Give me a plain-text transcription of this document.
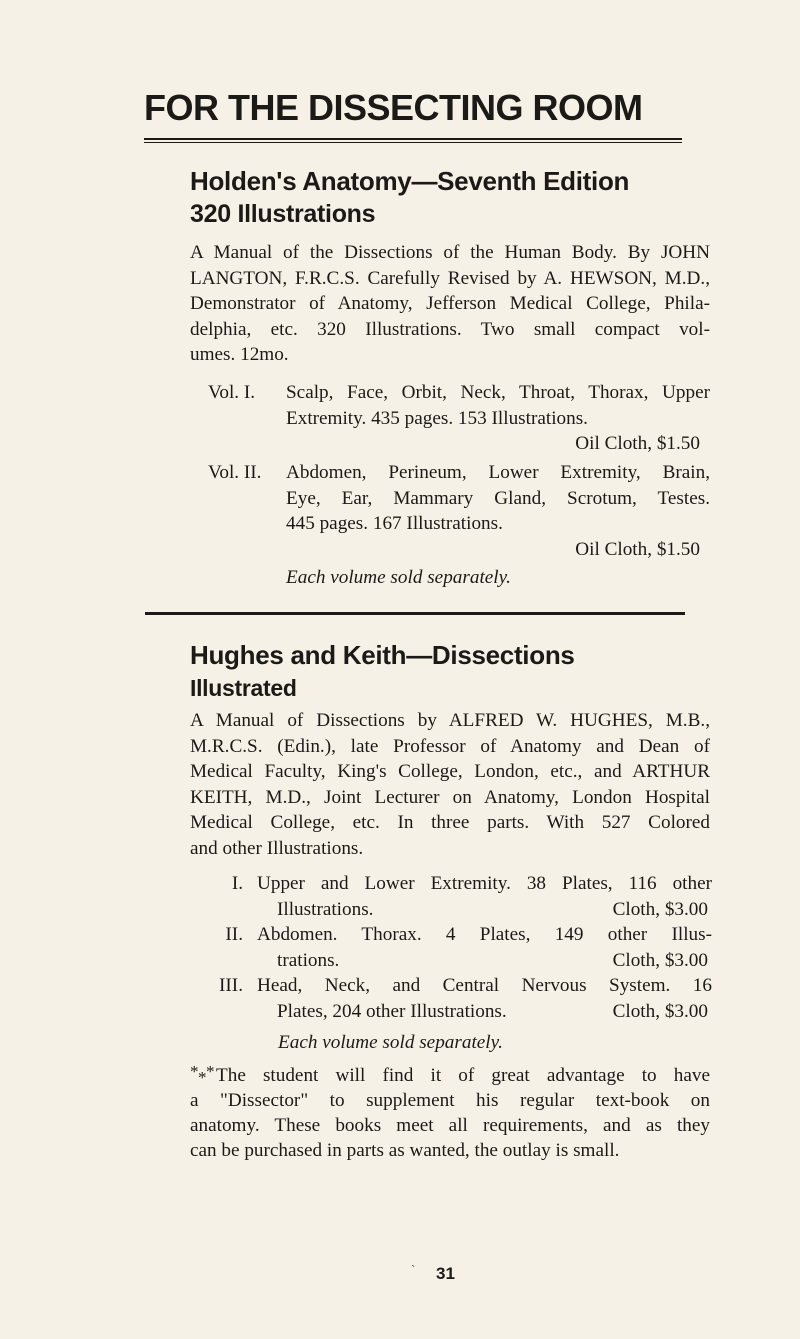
FOR THE DISSECTING ROOM
Holden's Anatomy—Seventh Edition
320 Illustrations
A Manual of the Dissections of the Human Body. By JOHN
LANGTON, F.R.C.S. Carefully Revised by A. HEWSON, M.D.,
Demonstrator of Anatomy, Jefferson Medical College, Phila-
delphia, etc. 320 Illustrations. Two small compact vol-
umes. 12mo.
Vol. I. Scalp, Face, Orbit, Neck, Throat, Thorax, Upper
Extremity. 435 pages. 153 Illustrations.
Oil Cloth, $1.50
Vol. II. Abdomen, Perineum, Lower Extremity, Brain,
Eye, Ear, Mammary Gland, Scrotum, Testes.
445 pages. 167 Illustrations.
Oil Cloth, $1.50
Each volume sold separately.
Hughes and Keith—Dissections
Illustrated
A Manual of Dissections by ALFRED W. HUGHES, M.B.,
M.R.C.S. (Edin.), late Professor of Anatomy and Dean of
Medical Faculty, King's College, London, etc., and ARTHUR
KEITH, M.D., Joint Lecturer on Anatomy, London Hospital
Medical College, etc. In three parts. With 527 Colored
and other Illustrations.
I. Upper and Lower Extremity. 38 Plates, 116 other
Illustrations.	Cloth, $3.00
II. Abdomen. Thorax. 4 Plates, 149 other Illus-
trations.	Cloth, $3.00
III. Head, Neck, and Central Nervous System. 16
Plates, 204 other Illustrations.	Cloth, $3.00
Each volume sold separately.
* * * The student will find it of great advantage to have
a "Dissector" to supplement his regular text-book on
anatomy. These books meet all requirements, and as they
can be purchased in parts as wanted, the outlay is small.
` 31
